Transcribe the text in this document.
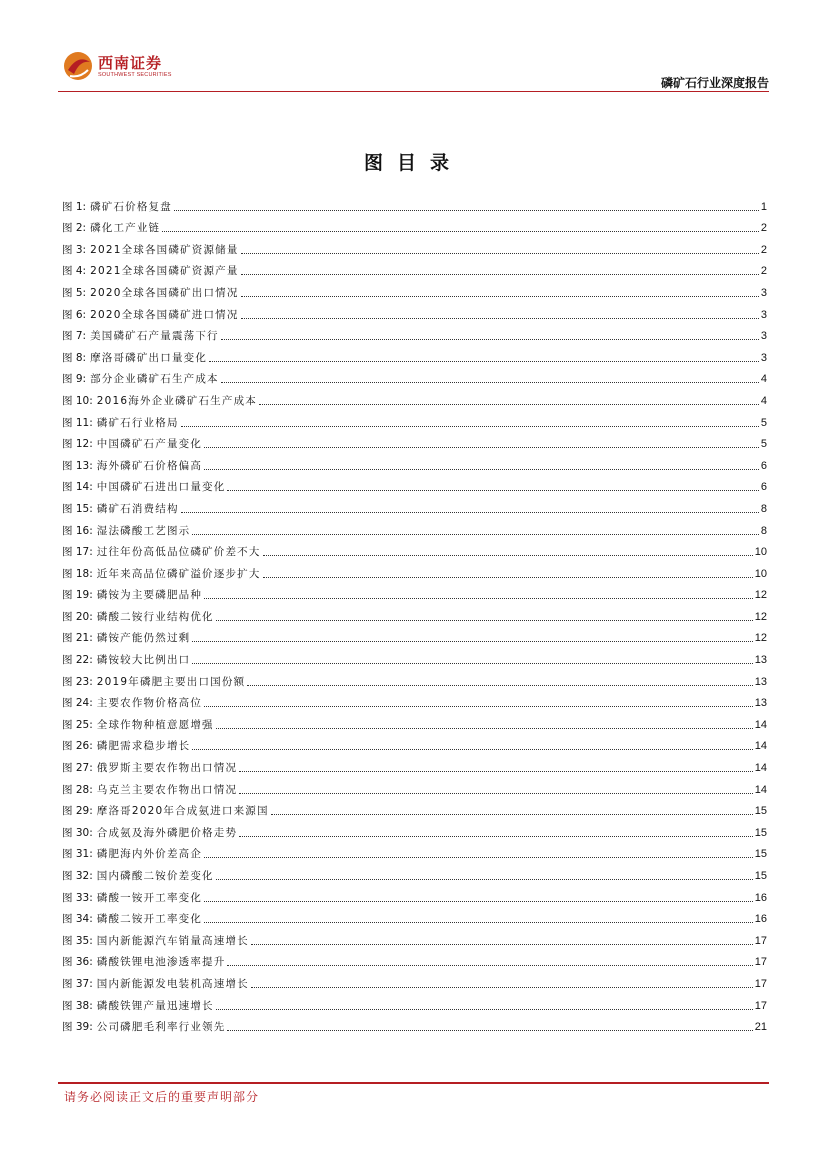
西南证券
SOUTHWEST SECURITIES
磷矿石行业深度报告
图目录
图 1: 磷矿石价格复盘	1
图 2: 磷化工产业链	2
图 3: 2021全球各国磷矿资源储量	2
图 4: 2021全球各国磷矿资源产量	2
图 5: 2020全球各国磷矿出口情况	3
图 6: 2020全球各国磷矿进口情况	3
图 7: 美国磷矿石产量震荡下行	3
图 8: 摩洛哥磷矿出口量变化	3
图 9: 部分企业磷矿石生产成本	4
图 10: 2016海外企业磷矿石生产成本	4
图 11: 磷矿石行业格局	5
图 12: 中国磷矿石产量变化	5
图 13: 海外磷矿石价格偏高	6
图 14: 中国磷矿石进出口量变化	6
图 15: 磷矿石消费结构	8
图 16: 湿法磷酸工艺图示	8
图 17: 过往年份高低品位磷矿价差不大	10
图 18: 近年来高品位磷矿溢价逐步扩大	10
图 19: 磷铵为主要磷肥品种	12
图 20: 磷酸二铵行业结构优化	12
图 21: 磷铵产能仍然过剩	12
图 22: 磷铵较大比例出口	13
图 23: 2019年磷肥主要出口国份额	13
图 24: 主要农作物价格高位	13
图 25: 全球作物种植意愿增强	14
图 26: 磷肥需求稳步增长	14
图 27: 俄罗斯主要农作物出口情况	14
图 28: 乌克兰主要农作物出口情况	14
图 29: 摩洛哥2020年合成氨进口来源国	15
图 30: 合成氨及海外磷肥价格走势	15
图 31: 磷肥海内外价差高企	15
图 32: 国内磷酸二铵价差变化	15
图 33: 磷酸一铵开工率变化	16
图 34: 磷酸二铵开工率变化	16
图 35: 国内新能源汽车销量高速增长	17
图 36: 磷酸铁锂电池渗透率提升	17
图 37: 国内新能源发电装机高速增长	17
图 38: 磷酸铁锂产量迅速增长	17
图 39: 公司磷肥毛利率行业领先	21
请务必阅读正文后的重要声明部分
